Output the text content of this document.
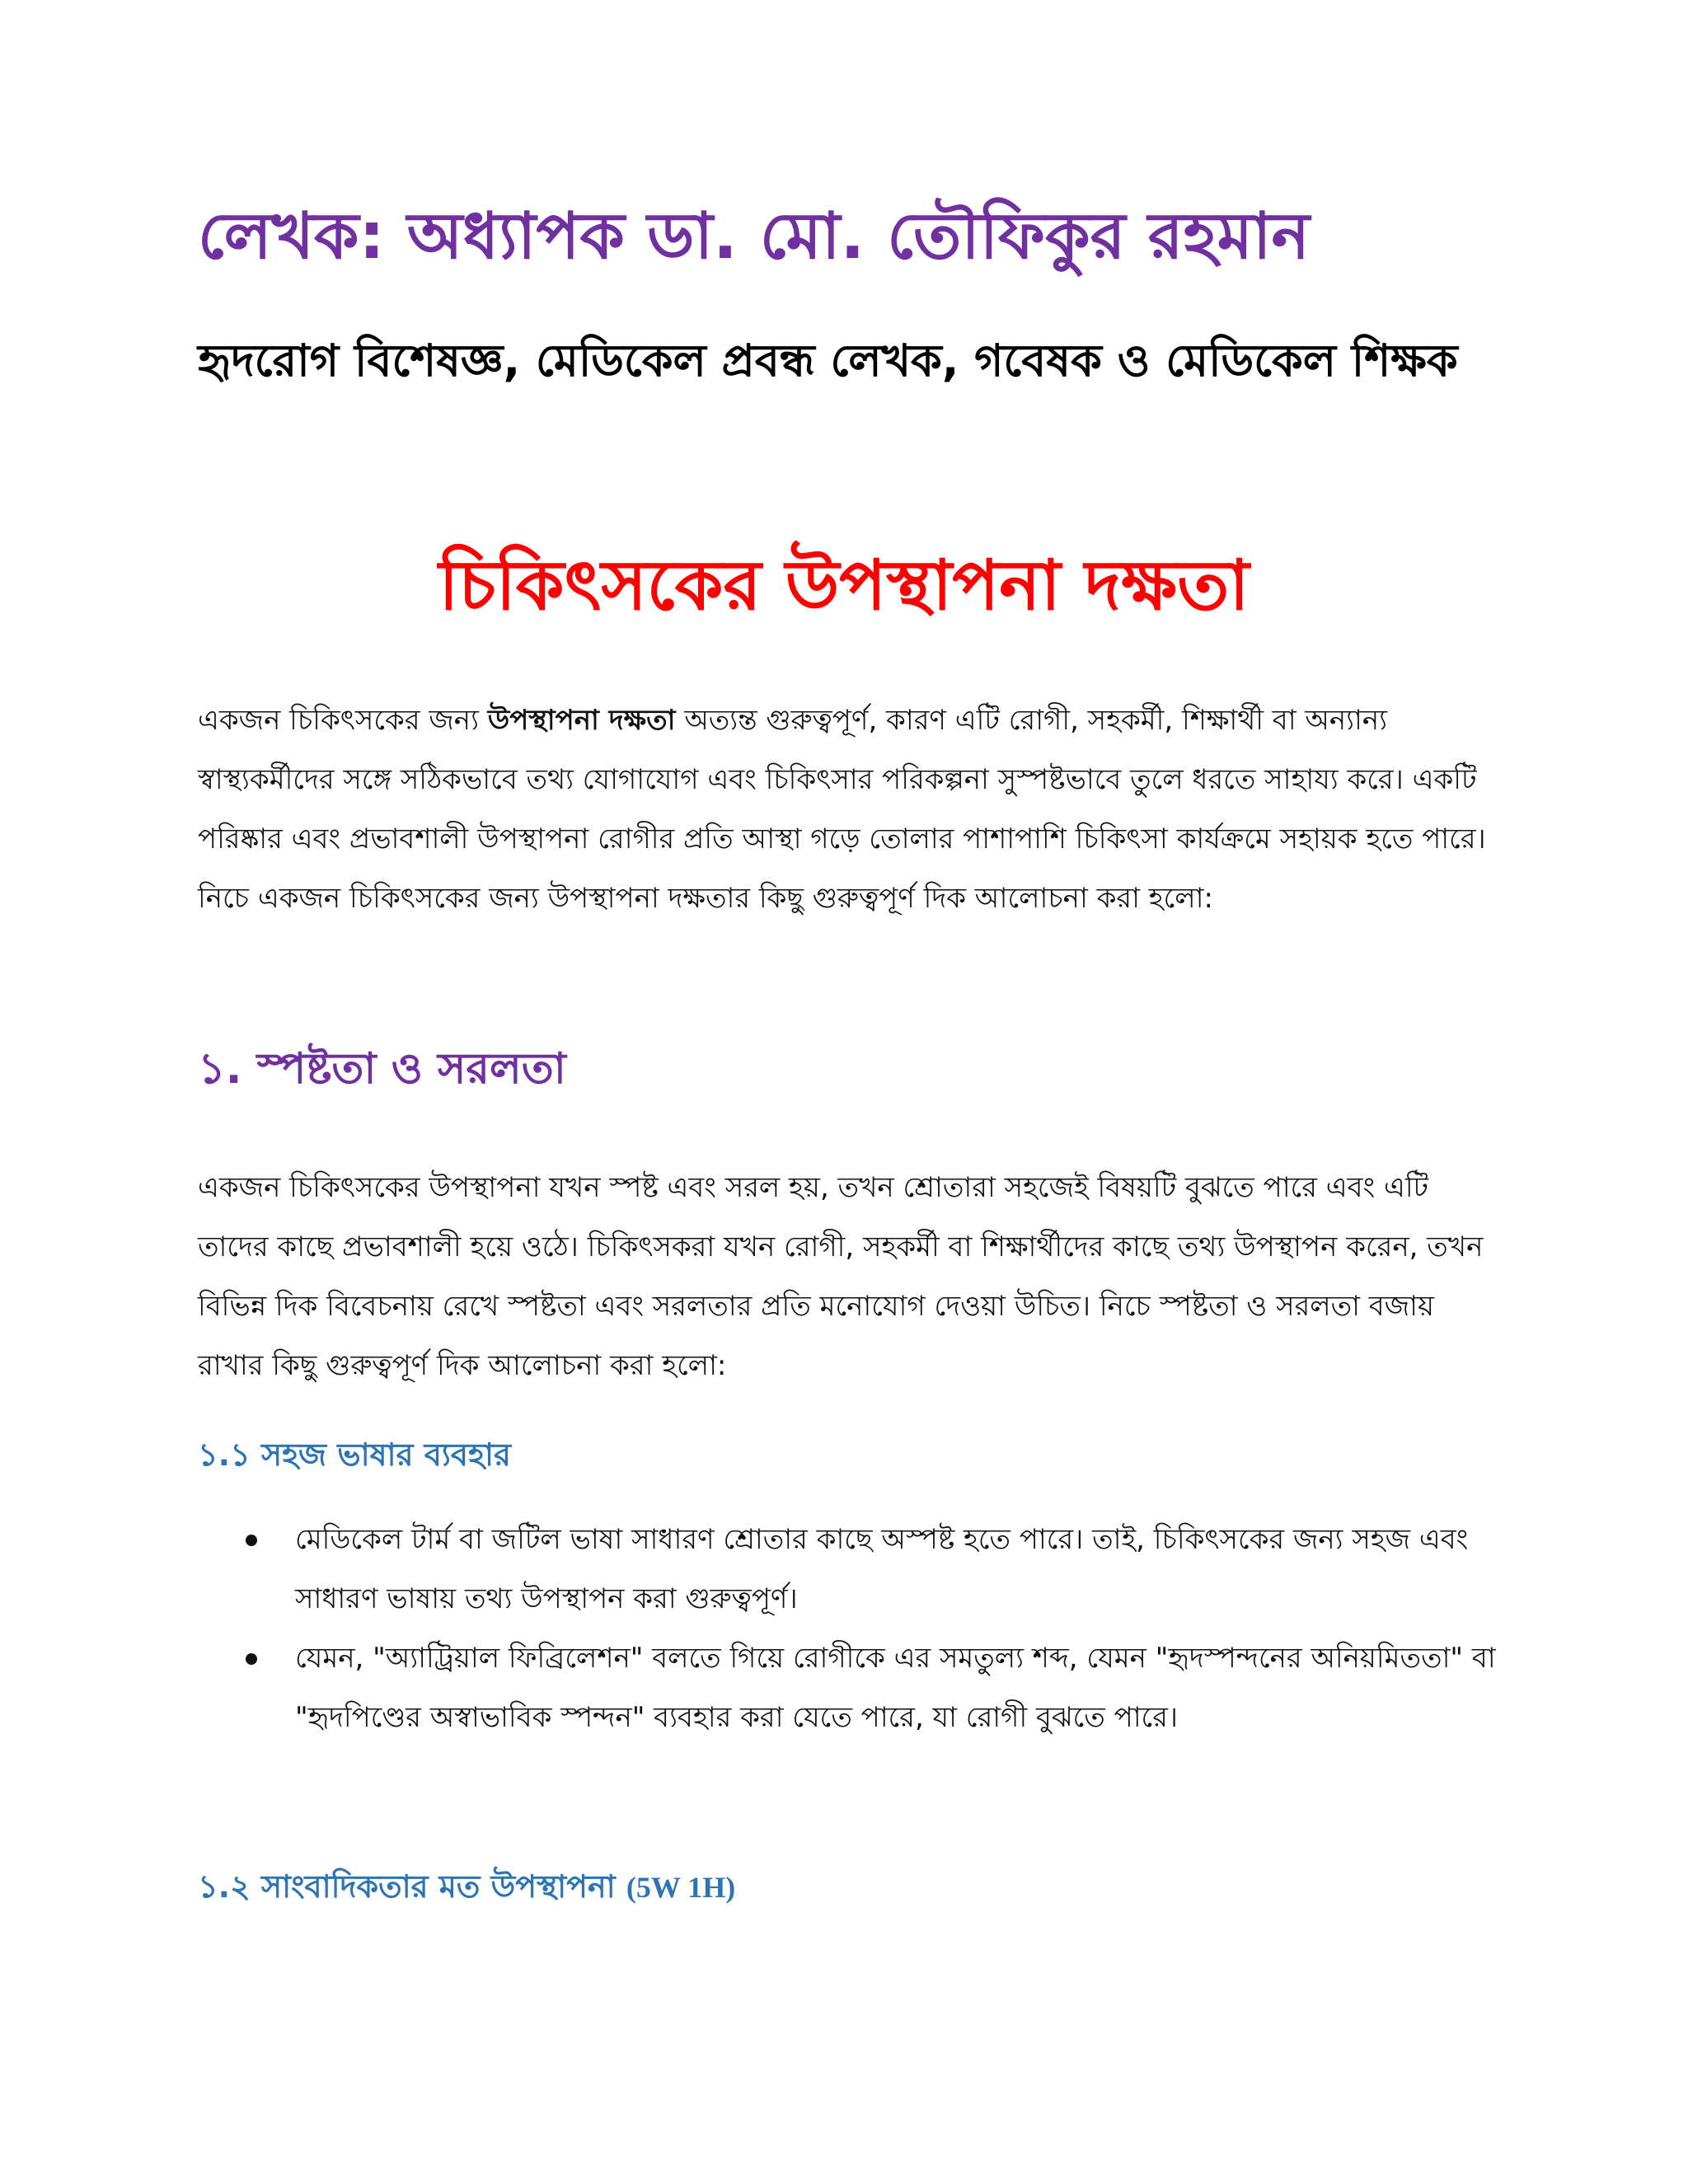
লেখক: অধ্যাপক ডা. মো. তৌফিকুর রহমান
হৃদরোগ বিশেষজ্ঞ, মেডিকেল প্রবন্ধ লেখক, গবেষক ও মেডিকেল শিক্ষক
চিকিৎসকের উপস্থাপনা দক্ষতা
একজন চিকিৎসকের জন্য উপস্থাপনা দক্ষতা অত্যন্ত গুরুত্বপূর্ণ, কারণ এটি রোগী, সহকর্মী, শিক্ষার্থী বা অন্যান্য স্বাস্থ্যকর্মীদের সঙ্গে সঠিকভাবে তথ্য যোগাযোগ এবং চিকিৎসার পরিকল্পনা সুস্পষ্টভাবে তুলে ধরতে সাহায্য করে। একটি পরিষ্কার এবং প্রভাবশালী উপস্থাপনা রোগীর প্রতি আস্থা গড়ে তোলার পাশাপাশি চিকিৎসা কার্যক্রমে সহায়ক হতে পারে। নিচে একজন চিকিৎসকের জন্য উপস্থাপনা দক্ষতার কিছু গুরুত্বপূর্ণ দিক আলোচনা করা হলো:
১. স্পষ্টতা ও সরলতা
একজন চিকিৎসকের উপস্থাপনা যখন স্পষ্ট এবং সরল হয়, তখন শ্রোতারা সহজেই বিষয়টি বুঝতে পারে এবং এটি তাদের কাছে প্রভাবশালী হয়ে ওঠে। চিকিৎসকরা যখন রোগী, সহকর্মী বা শিক্ষার্থীদের কাছে তথ্য উপস্থাপন করেন, তখন বিভিন্ন দিক বিবেচনায় রেখে স্পষ্টতা এবং সরলতার প্রতি মনোযোগ দেওয়া উচিত। নিচে স্পষ্টতা ও সরলতা বজায় রাখার কিছু গুরুত্বপূর্ণ দিক আলোচনা করা হলো:
১.১ সহজ ভাষার ব্যবহার
মেডিকেল টার্ম বা জটিল ভাষা সাধারণ শ্রোতার কাছে অস্পষ্ট হতে পারে। তাই, চিকিৎসকের জন্য সহজ এবং সাধারণ ভাষায় তথ্য উপস্থাপন করা গুরুত্বপূর্ণ।
যেমন, "অ্যাট্রিয়াল ফিব্রিলেশন" বলতে গিয়ে রোগীকে এর সমতুল্য শব্দ, যেমন "হৃদস্পন্দনের অনিয়মিততা" বা "হৃদপিণ্ডের অস্বাভাবিক স্পন্দন" ব্যবহার করা যেতে পারে, যা রোগী বুঝতে পারে।
১.২ সাংবাদিকতার মত উপস্থাপনা (5W 1H)
